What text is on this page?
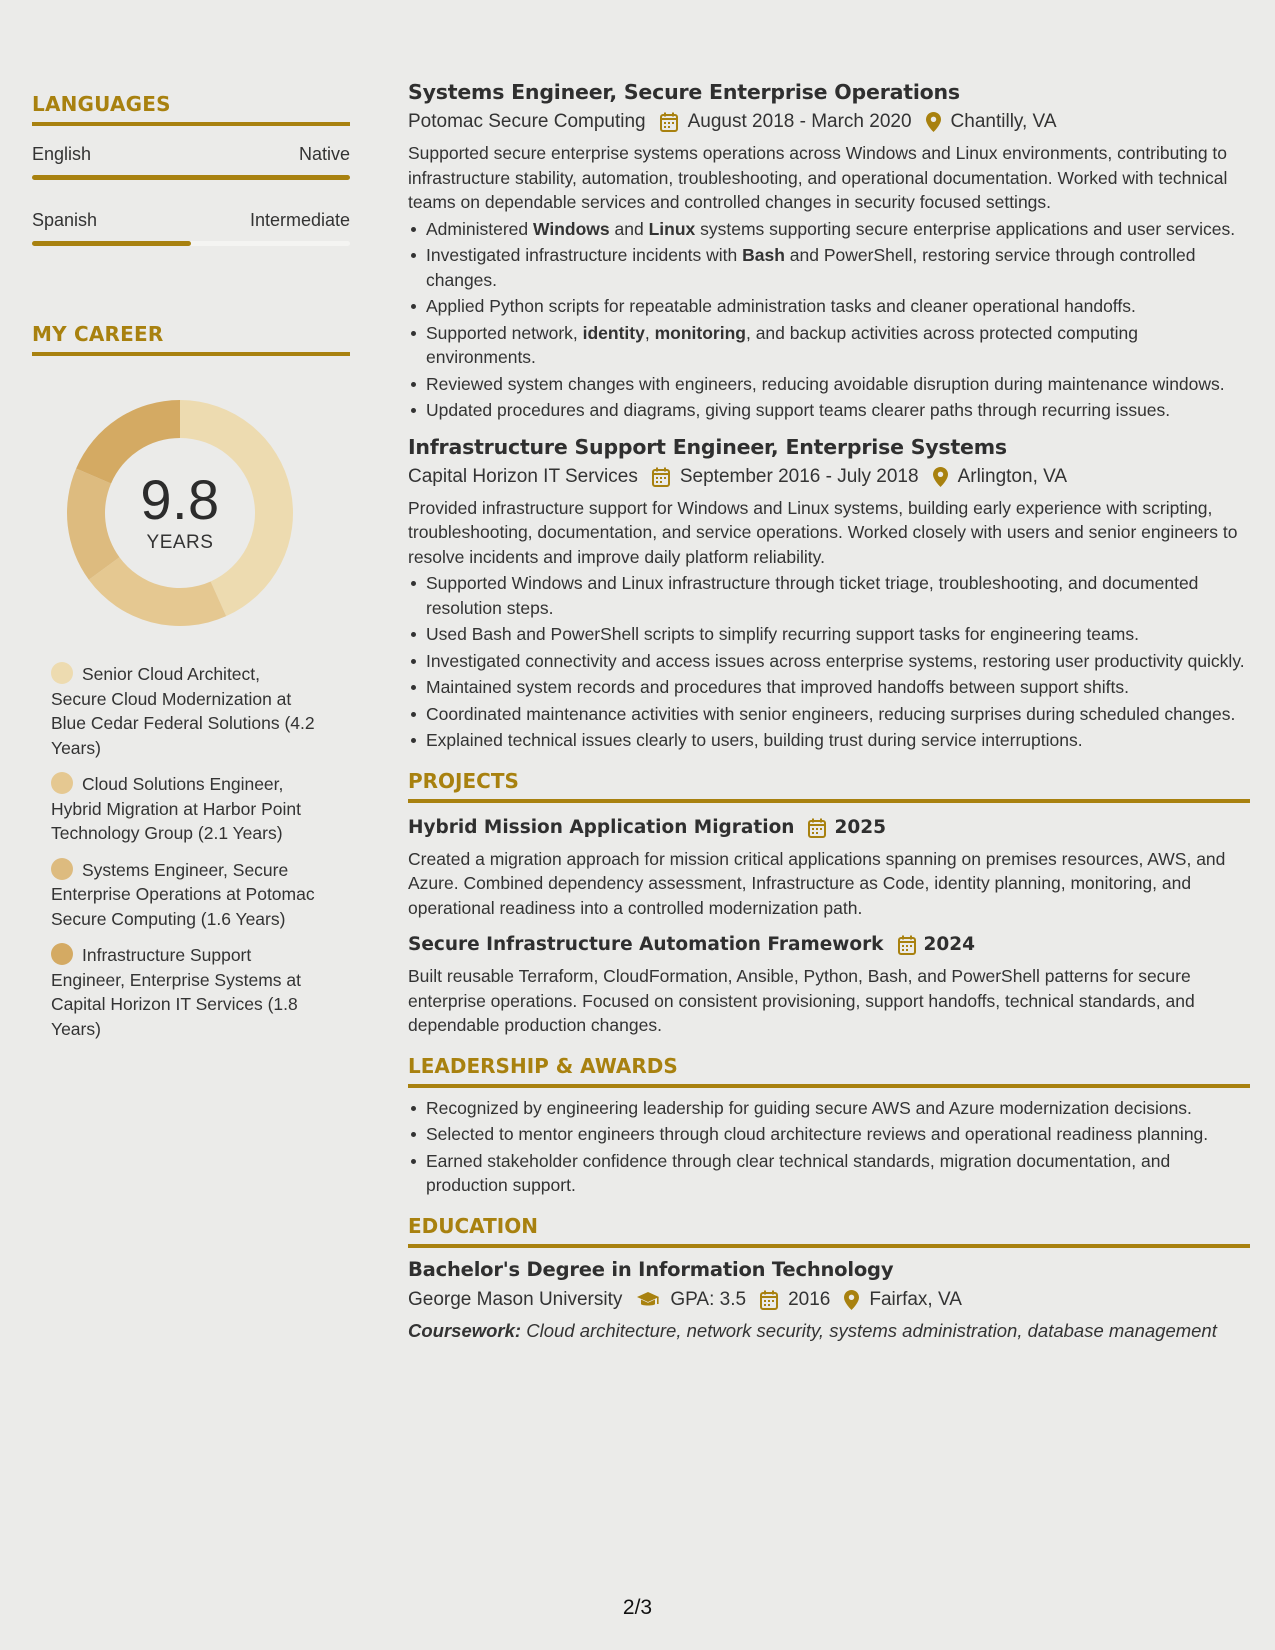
LANGUAGES
English	Native
Spanish	Intermediate
MY CAREER
9.8
YEARS
Senior Cloud Architect, Secure Cloud Modernization at Blue Cedar Federal Solutions (4.2 Years)
Cloud Solutions Engineer, Hybrid Migration at Harbor Point Technology Group (2.1 Years)
Systems Engineer, Secure Enterprise Operations at Potomac Secure Computing (1.6 Years)
Infrastructure Support Engineer, Enterprise Systems at Capital Horizon IT Services (1.8 Years)
Systems Engineer, Secure Enterprise Operations
Potomac Secure Computing August 2018 - March 2020 Chantilly, VA
Supported secure enterprise systems operations across Windows and Linux environments, contributing to infrastructure stability, automation, troubleshooting, and operational documentation. Worked with technical teams on dependable services and controlled changes in security focused settings.
Administered Windows and Linux systems supporting secure enterprise applications and user services.
Investigated infrastructure incidents with Bash and PowerShell, restoring service through controlled changes.
Applied Python scripts for repeatable administration tasks and cleaner operational handoffs.
Supported network, identity, monitoring, and backup activities across protected computing environments.
Reviewed system changes with engineers, reducing avoidable disruption during maintenance windows.
Updated procedures and diagrams, giving support teams clearer paths through recurring issues.
Infrastructure Support Engineer, Enterprise Systems
Capital Horizon IT Services September 2016 - July 2018 Arlington, VA
Provided infrastructure support for Windows and Linux systems, building early experience with scripting, troubleshooting, documentation, and service operations. Worked closely with users and senior engineers to resolve incidents and improve daily platform reliability.
Supported Windows and Linux infrastructure through ticket triage, troubleshooting, and documented resolution steps.
Used Bash and PowerShell scripts to simplify recurring support tasks for engineering teams.
Investigated connectivity and access issues across enterprise systems, restoring user productivity quickly.
Maintained system records and procedures that improved handoffs between support shifts.
Coordinated maintenance activities with senior engineers, reducing surprises during scheduled changes.
Explained technical issues clearly to users, building trust during service interruptions.
PROJECTS
Hybrid Mission Application Migration 2025
Created a migration approach for mission critical applications spanning on premises resources, AWS, and Azure. Combined dependency assessment, Infrastructure as Code, identity planning, monitoring, and operational readiness into a controlled modernization path.
Secure Infrastructure Automation Framework 2024
Built reusable Terraform, CloudFormation, Ansible, Python, Bash, and PowerShell patterns for secure enterprise operations. Focused on consistent provisioning, support handoffs, technical standards, and dependable production changes.
LEADERSHIP & AWARDS
Recognized by engineering leadership for guiding secure AWS and Azure modernization decisions.
Selected to mentor engineers through cloud architecture reviews and operational readiness planning.
Earned stakeholder confidence through clear technical standards, migration documentation, and production support.
EDUCATION
Bachelor's Degree in Information Technology
George Mason University	GPA: 3.5 2016 Fairfax, VA
Coursework: Cloud architecture, network security, systems administration, database management
2/3
